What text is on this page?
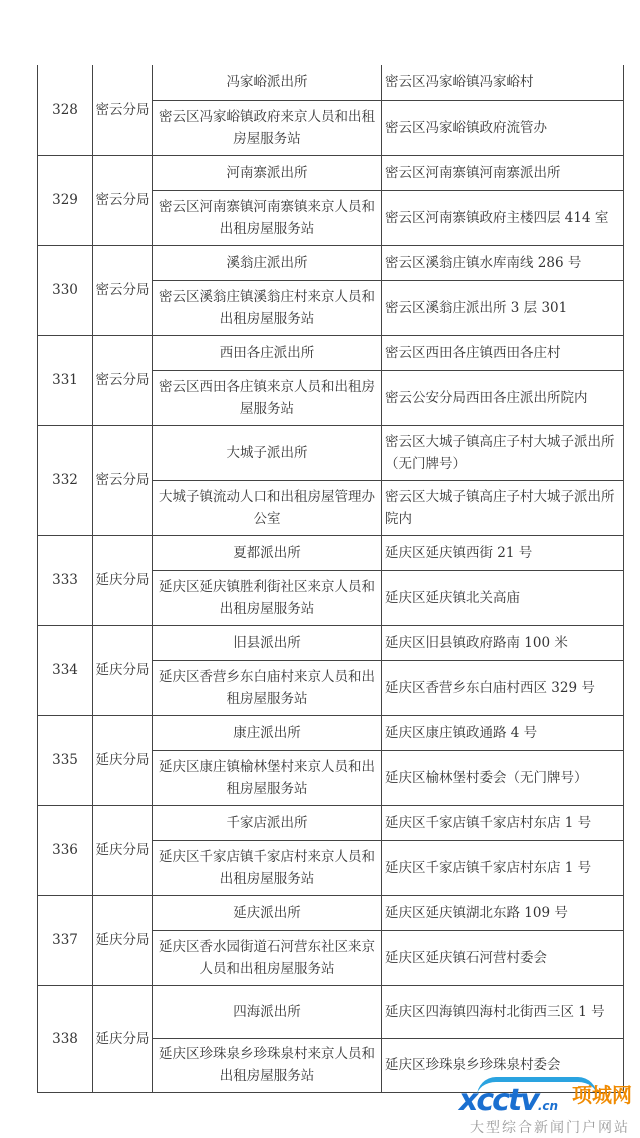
328	密云分局	冯家峪派出所	密云区冯家峪镇冯家峪村
		密云区冯家峪镇政府来京人员和出租房屋服务站	密云区冯家峪镇政府流管办
329	密云分局	河南寨派出所	密云区河南寨镇河南寨派出所
		密云区河南寨镇河南寨镇来京人员和出租房屋服务站	密云区河南寨镇政府主楼四层 414 室
330	密云分局	溪翁庄派出所	密云区溪翁庄镇水库南线 286 号
		密云区溪翁庄镇溪翁庄村来京人员和出租房屋服务站	密云区溪翁庄派出所 3 层 301
331	密云分局	西田各庄派出所	密云区西田各庄镇西田各庄村
		密云区西田各庄镇来京人员和出租房屋服务站	密云公安分局西田各庄派出所院内
332	密云分局	大城子派出所	密云区大城子镇高庄子村大城子派出所（无门牌号）
		大城子镇流动人口和出租房屋管理办公室	密云区大城子镇高庄子村大城子派出所院内
333	延庆分局	夏都派出所	延庆区延庆镇西街 21 号
		延庆区延庆镇胜利街社区来京人员和出租房屋服务站	延庆区延庆镇北关高庙
334	延庆分局	旧县派出所	延庆区旧县镇政府路南 100 米
		延庆区香营乡东白庙村来京人员和出租房屋服务站	延庆区香营乡东白庙村西区 329 号
335	延庆分局	康庄派出所	延庆区康庄镇政通路 4 号
		延庆区康庄镇榆林堡村来京人员和出租房屋服务站	延庆区榆林堡村委会（无门牌号）
336	延庆分局	千家店派出所	延庆区千家店镇千家店村东店 1 号
		延庆区千家店镇千家店村来京人员和出租房屋服务站	延庆区千家店镇千家店村东店 1 号
337	延庆分局	延庆派出所	延庆区延庆镇湖北东路 109 号
		延庆区香水园街道石河营东社区来京人员和出租房屋服务站	延庆区延庆镇石河营村委会
338	延庆分局	四海派出所	延庆区四海镇四海村北街西三区 1 号
		延庆区珍珠泉乡珍珠泉村来京人员和出租房屋服务站	延庆区珍珠泉乡珍珠泉村委会
xcctv.cn 项城网
大型综合新闻门户网站
